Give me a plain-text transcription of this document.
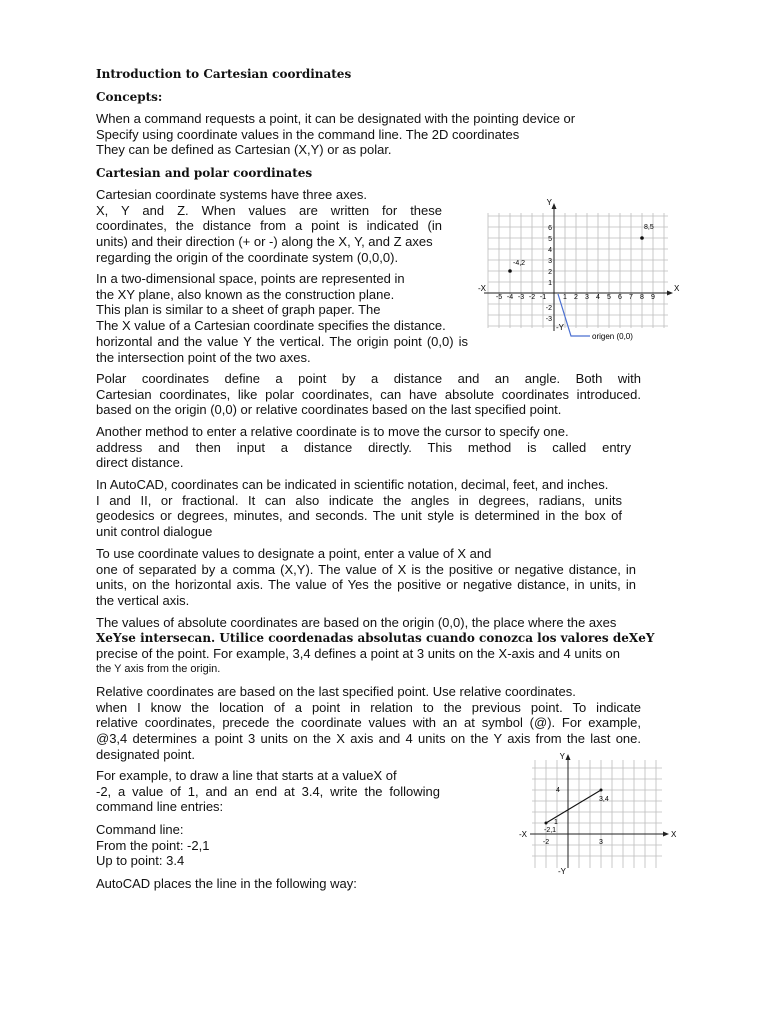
Introduction to Cartesian coordinates
Concepts:
When a command requests a point, it can be designated with the pointing device or
Specify using coordinate values in the command line. The 2D coordinates
They can be defined as Cartesian (X,Y) or as polar.
Cartesian and polar coordinates
Cartesian coordinate systems have three axes.
X, Y and Z. When values are written for these
coordinates, the distance from a point is indicated (in
units) and their direction (+ or -) along the X, Y, and Z axes
regarding the origin of the coordinate system (0,0,0).
In a two-dimensional space, points are represented in
the XY plane, also known as the construction plane.
This plan is similar to a sheet of graph paper. The
The X value of a Cartesian coordinate specifies the distance.
horizontal and the value Y the vertical. The origin point (0,0) is
the intersection point of the two axes.
Y
X
-X
-Y
-5 -4 -3 -2 -1 1 2 3 4 5 6 7 8 9
1
2
3
4
5
6
-2
-3
8,5
-4,2
origen (0,0)
Polar coordinates define a point by a distance and an angle. Both with
Cartesian coordinates, like polar coordinates, can have absolute coordinates introduced.
based on the origin (0,0) or relative coordinates based on the last specified point.
Another method to enter a relative coordinate is to move the cursor to specify one.
address and then input a distance directly. This method is called entry
direct distance.
In AutoCAD, coordinates can be indicated in scientific notation, decimal, feet, and inches.
I and II, or fractional. It can also indicate the angles in degrees, radians, units
geodesics or degrees, minutes, and seconds. The unit style is determined in the box of
unit control dialogue
To use coordinate values to designate a point, enter a value of X and
one of separated by a comma (X,Y). The value of X is the positive or negative distance, in
units, on the horizontal axis. The value of Yes the positive or negative distance, in units, in
the vertical axis.
The values of absolute coordinates are based on the origin (0,0), the place where the axes
XeYse intersecan. Utilice coordenadas absolutas cuando conozca los valores deXeY
precise of the point. For example, 3,4 defines a point at 3 units on the X-axis and 4 units on
the Y axis from the origin.
Relative coordinates are based on the last specified point. Use relative coordinates.
when I know the location of a point in relation to the previous point. To indicate
relative coordinates, precede the coordinate values with an at symbol (@). For example,
@3,4 determines a point 3 units on the X axis and 4 units on the Y axis from the last one.
designated point.
For example, to draw a line that starts at a valueX of
-2, a value of 1, and an end at 3.4, write the following
command line entries:
Command line:
From the point: -2,1
Up to point: 3.4
AutoCAD places the line in the following way:
Y
X
-X
-Y
-2	3
4
1
-2,1
3,4
